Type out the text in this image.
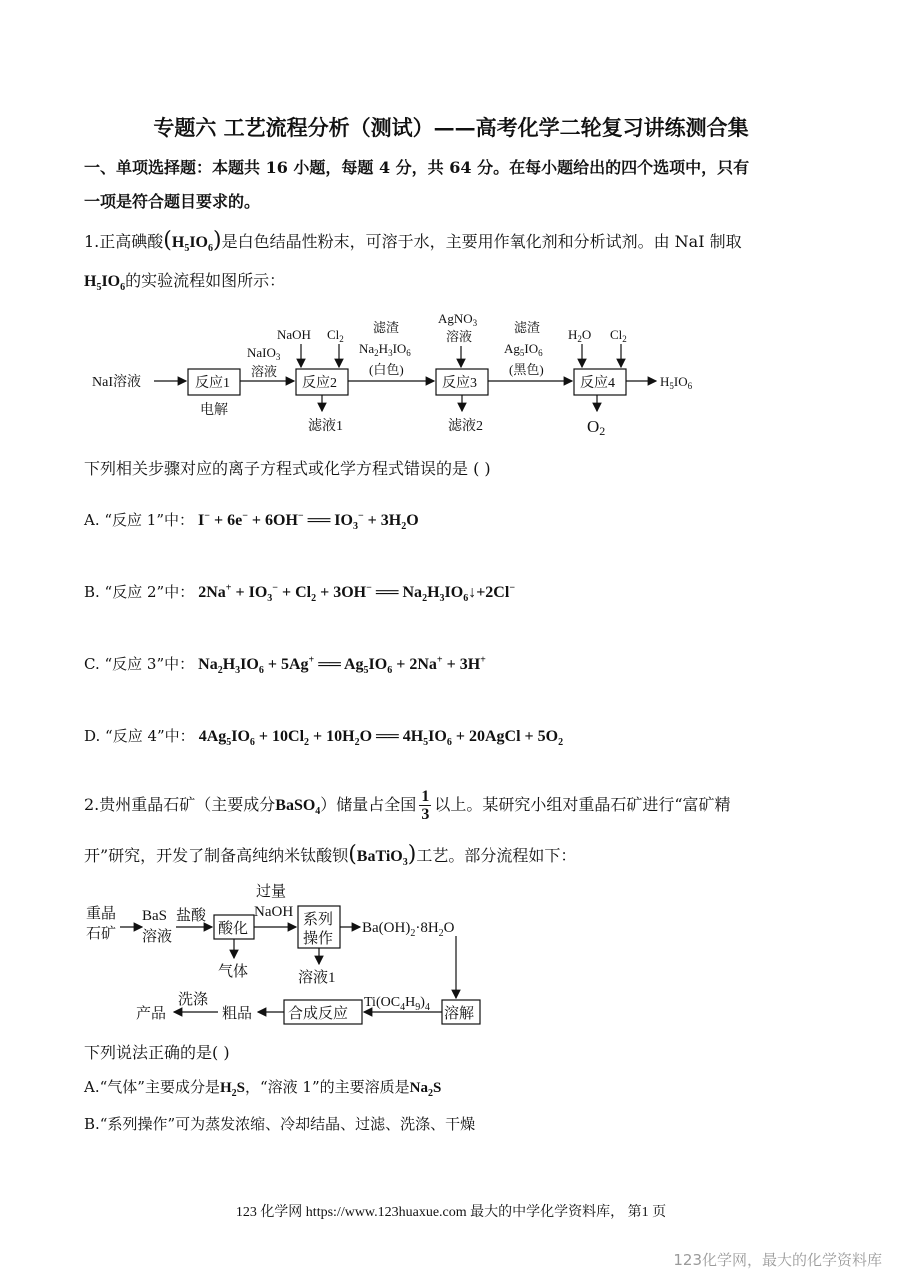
专题六 工艺流程分析（测试）——高考化学二轮复习讲练测合集
一、单项选择题：本题共 16 小题，每题 4 分，共 64 分。在每小题给出的四个选项中，只有
一项是符合题目要求的。
1.正高碘酸$(H_5IO_6)$是白色结晶性粉末，可溶于水，主要用作氧化剂和分析试剂。由 NaI 制取
$H_5IO_6$的实验流程如图所示：
NaI溶液	反应1
电解
NaIO$_3$
溶液
NaOH $Cl_2$
反应2
滤液1
滤渣
$Na_2H_3IO_6$
(白色)
AgNO$_3$
溶液
反应3
滤液2
滤渣
$Ag_5IO_6$
(黑色)
$H_2O$ $Cl_2$
反应4
O2
$H_5IO_6$
下列相关步骤对应的离子方程式或化学方程式错误的是 ( )
A. “反应 1”中： I− + 6e− + 6OH− ══ $IO_3^- + 3H_2O$
B. “反应 2”中： $2Na^+ + IO_3^- + Cl_2 + 3OH^-$ ══ $Na_2H_3IO_6↓+2Cl^-$
C. “反应 3”中： $Na_2H_3IO_6 + 5Ag^+$ ══ $Ag_5IO_6 + 2Na^+ + 3H^+$
D. “反应 4”中： $4Ag_5IO_6 + 10Cl_2 + 10H_2O$ ══ $4H_5IO_6$ + 20AgCl + $5O_2$
2.贵州重晶石矿（主要成分BaSO$_4$）储量占全国 $\frac{1}{3}$ 以上。某研究小组对重晶石矿进行“富矿精
开”研究，开发了制备高纯纳米钛酸钡(BaTiO$_3$)工艺。部分流程如下：
重晶
石矿
BaS
溶液
盐酸
酸化
气体
过量
NaOH 系列
操作
溶液1
$Ba(OH)_2\cdot 8H_2O$
溶解
$Ti(OC_4H_9)_4$
合成反应
粗品
洗涤
产品
下列说法正确的是( )
A.“气体”主要成分是$H_2S$，“溶液 1”的主要溶质是$Na_2S$
B.“系列操作”可为蒸发浓缩、冷却结晶、过滤、洗涤、干燥
123 化学网 https://www.123huaxue.com 最大的中学化学资料库， 第1 页
123化学网，最大的化学资料库
